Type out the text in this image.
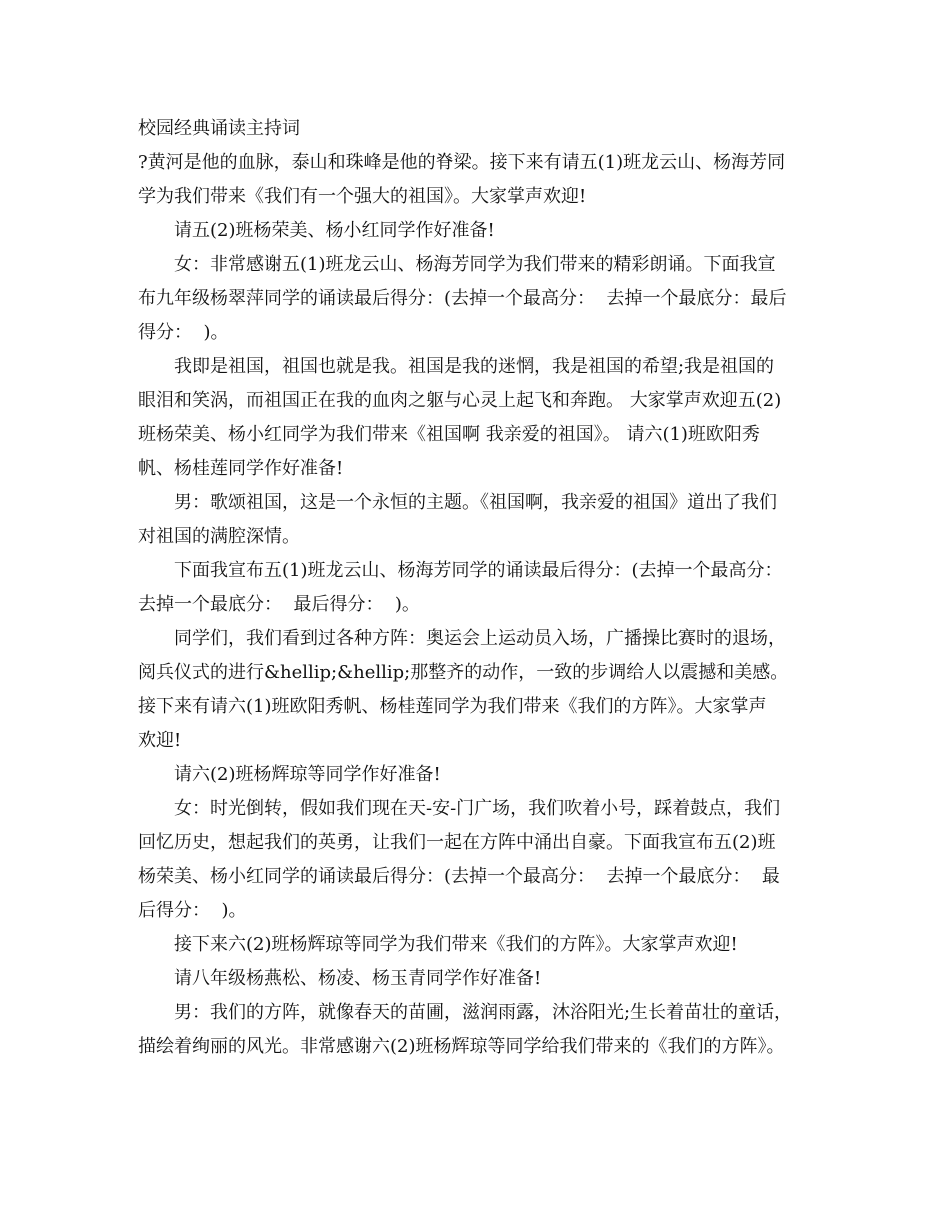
校园经典诵读主持词

?黄河是他的血脉，泰山和珠峰是他的脊梁。接下来有请五(1)班龙云山、杨海芳同

学为我们带来《我们有一个强大的祖国》。大家掌声欢迎!

请五(2)班杨荣美、杨小红同学作好准备!

女：非常感谢五(1)班龙云山、杨海芳同学为我们带来的精彩朗诵。下面我宣

布九年级杨翠萍同学的诵读最后得分：(去掉一个最高分：  去掉一个最底分：最后

得分：  )。

我即是祖国，祖国也就是我。祖国是我的迷惘，我是祖国的希望;我是祖国的

眼泪和笑涡，而祖国正在我的血肉之躯与心灵上起飞和奔跑。 大家掌声欢迎五(2)

班杨荣美、杨小红同学为我们带来《祖国啊 我亲爱的祖国》。 请六(1)班欧阳秀

帆、杨桂莲同学作好准备!

男：歌颂祖国，这是一个永恒的主题。《祖国啊，我亲爱的祖国》道出了我们

对祖国的满腔深情。

下面我宣布五(1)班龙云山、杨海芳同学的诵读最后得分：(去掉一个最高分：

去掉一个最底分：  最后得分：  )。

同学们，我们看到过各种方阵：奥运会上运动员入场，广播操比赛时的退场，

阅兵仪式的进行&hellip;&hellip;那整齐的动作，一致的步调给人以震撼和美感。

接下来有请六(1)班欧阳秀帆、杨桂莲同学为我们带来《我们的方阵》。大家掌声

欢迎!

请六(2)班杨辉琼等同学作好准备!

女：时光倒转，假如我们现在天-安-门广场，我们吹着小号，踩着鼓点，我们

回忆历史，想起我们的英勇，让我们一起在方阵中涌出自豪。下面我宣布五(2)班

杨荣美、杨小红同学的诵读最后得分：(去掉一个最高分：  去掉一个最底分：  最

后得分：  )。

接下来六(2)班杨辉琼等同学为我们带来《我们的方阵》。大家掌声欢迎!

请八年级杨燕松、杨凌、杨玉青同学作好准备!

男：我们的方阵，就像春天的苗圃，滋润雨露，沐浴阳光;生长着苗壮的童话，

描绘着绚丽的风光。非常感谢六(2)班杨辉琼等同学给我们带来的《我们的方阵》。
